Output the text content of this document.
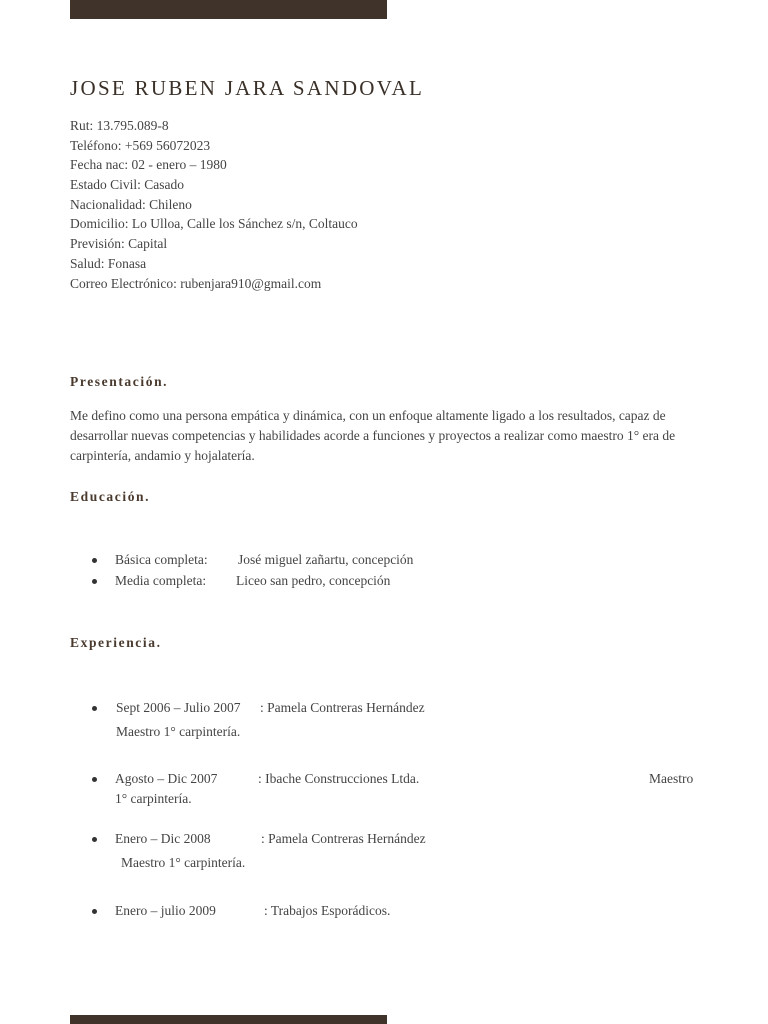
JOSE RUBEN JARA SANDOVAL
Rut: 13.795.089-8
Teléfono: +569 56072023
Fecha nac: 02 - enero – 1980
Estado Civil: Casado
Nacionalidad: Chileno
Domicilio: Lo Ulloa, Calle los Sánchez s/n, Coltauco
Previsión: Capital
Salud: Fonasa
Correo Electrónico: rubenjara910@gmail.com
Presentación.

Me defino como una persona empática y dinámica, con un enfoque altamente ligado a los resultados, capaz de desarrollar nuevas competencias y habilidades acorde a funciones y proyectos a realizar como maestro 1° era de carpintería, andamio y hojalatería.

Educación.
Básica completa: José miguel zañartu, concepción
Media completa: Liceo san pedro, concepción
Experiencia.
Sept 2006 – Julio 2007 : Pamela Contreras Hernández
Maestro 1° carpintería.
Agosto – Dic 2007	: Ibache Construcciones Ltda.	Maestro
1° carpintería.
Enero – Dic 2008	: Pamela Contreras Hernández
Maestro 1° carpintería.
Enero – julio 2009	: Trabajos Esporádicos.
